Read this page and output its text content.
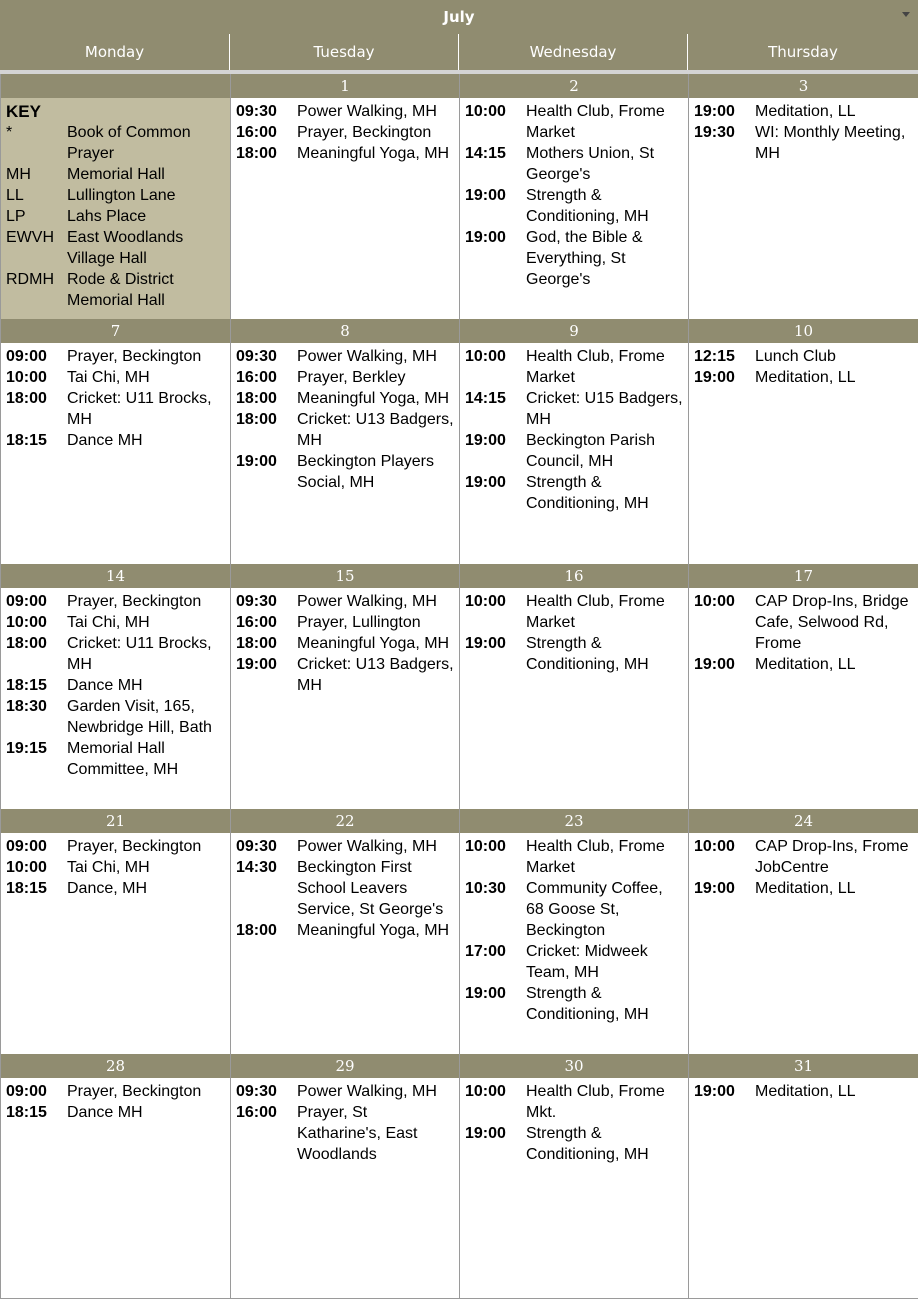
July
Monday	Tuesday	Wednesday	Thursday
KEY
*	Book of Common Prayer
MH	Memorial Hall
LL	Lullington Lane
LP	Lahs Place
EWVH East Woodlands Village Hall
RDMH Rode & District Memorial Hall
1
09:30	Power Walking, MH
16:00	Prayer, Beckington
18:00	Meaningful Yoga, MH
2
10:00	Health Club, Frome Market
14:15	Mothers Union, St George's
19:00	Strength & Conditioning, MH
19:00	God, the Bible & Everything, St George's
3
19:00	Meditation, LL
19:30	WI: Monthly Meeting, MH
7
09:00	Prayer, Beckington
10:00	Tai Chi, MH
18:00	Cricket: U11 Brocks, MH
18:15	Dance MH
8
09:30	Power Walking, MH
16:00	Prayer, Berkley
18:00	Meaningful Yoga, MH
18:00	Cricket: U13 Badgers, MH
19:00	Beckington Players Social, MH
9
10:00	Health Club, Frome Market
14:15	Cricket: U15 Badgers, MH
19:00	Beckington Parish Council, MH
19:00	Strength & Conditioning, MH
10
12:15	Lunch Club
19:00	Meditation, LL
14
09:00	Prayer, Beckington
10:00	Tai Chi, MH
18:00	Cricket: U11 Brocks, MH
18:15	Dance MH
18:30	Garden Visit, 165, Newbridge Hill, Bath
19:15	Memorial Hall Committee, MH
15
09:30	Power Walking, MH
16:00	Prayer, Lullington
18:00	Meaningful Yoga, MH
19:00	Cricket: U13 Badgers, MH
16
10:00	Health Club, Frome Market
19:00	Strength & Conditioning, MH
17
10:00	CAP Drop-Ins, Bridge Cafe, Selwood Rd, Frome
19:00	Meditation, LL
21
09:00	Prayer, Beckington
10:00	Tai Chi, MH
18:15	Dance, MH
22
09:30	Power Walking, MH
14:30	Beckington First School Leavers Service, St George's
18:00	Meaningful Yoga, MH
23
10:00	Health Club, Frome Market
10:30	Community Coffee, 68 Goose St, Beckington
17:00	Cricket: Midweek Team, MH
19:00	Strength & Conditioning, MH
24
10:00	CAP Drop-Ins, Frome JobCentre
19:00	Meditation, LL
28
09:00	Prayer, Beckington
18:15	Dance MH
29
09:30	Power Walking, MH
16:00	Prayer, St Katharine's, East Woodlands
30
10:00	Health Club, Frome Mkt.
19:00	Strength & Conditioning, MH
31
19:00	Meditation, LL
